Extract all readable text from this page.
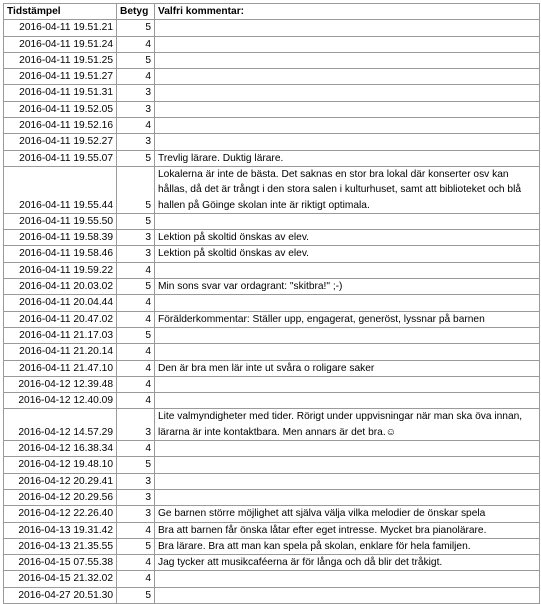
Tidstämpel	Betyg	Valfri kommentar:
2016-04-11 19.51.21	5	
2016-04-11 19.51.24	4	
2016-04-11 19.51.25	5	
2016-04-11 19.51.27	4	
2016-04-11 19.51.31	3	
2016-04-11 19.52.05	3	
2016-04-11 19.52.16	4	
2016-04-11 19.52.27	3	
2016-04-11 19.55.07	5	Trevlig lärare. Duktig lärare.
2016-04-11 19.55.44	5	Lokalerna är inte de bästa. Det saknas en stor bra lokal där konserter osv kan hållas, då det är trångt i den stora salen i kulturhuset, samt att biblioteket och blå hallen på Göinge skolan inte är riktigt optimala.
2016-04-11 19.55.50	5	
2016-04-11 19.58.39	3	Lektion på skoltid önskas av elev.
2016-04-11 19.58.46	3	Lektion på skoltid önskas av elev.
2016-04-11 19.59.22	4	
2016-04-11 20.03.02	5	Min sons svar var ordagrant: "skitbra!" ;-)
2016-04-11 20.04.44	4	
2016-04-11 20.47.02	4	Förälderkommentar: Ställer upp, engagerat, generöst, lyssnar på barnen
2016-04-11 21.17.03	5	
2016-04-11 21.20.14	4	
2016-04-11 21.47.10	4	Den är bra men lär inte ut svåra o roligare saker
2016-04-12 12.39.48	4	
2016-04-12 12.40.09	4	
2016-04-12 14.57.29	3	Lite valmyndigheter med tider. Rörigt under uppvisningar när man ska öva innan, lärarna är inte kontaktbara. Men annars är det bra.☺
2016-04-12 16.38.34	4	
2016-04-12 19.48.10	5	
2016-04-12 20.29.41	3	
2016-04-12 20.29.56	3	
2016-04-12 22.26.40	3	Ge barnen större möjlighet att själva välja vilka melodier de önskar spela
2016-04-13 19.31.42	4	Bra att barnen får önska låtar efter eget intresse. Mycket bra pianolärare.
2016-04-13 21.35.55	5	Bra lärare. Bra att man kan spela på skolan, enklare för hela familjen.
2016-04-15 07.55.38	4	Jag tycker att musikcaféerna är för långa och då blir det tråkigt.
2016-04-15 21.32.02	4	
2016-04-27 20.51.30	5	
